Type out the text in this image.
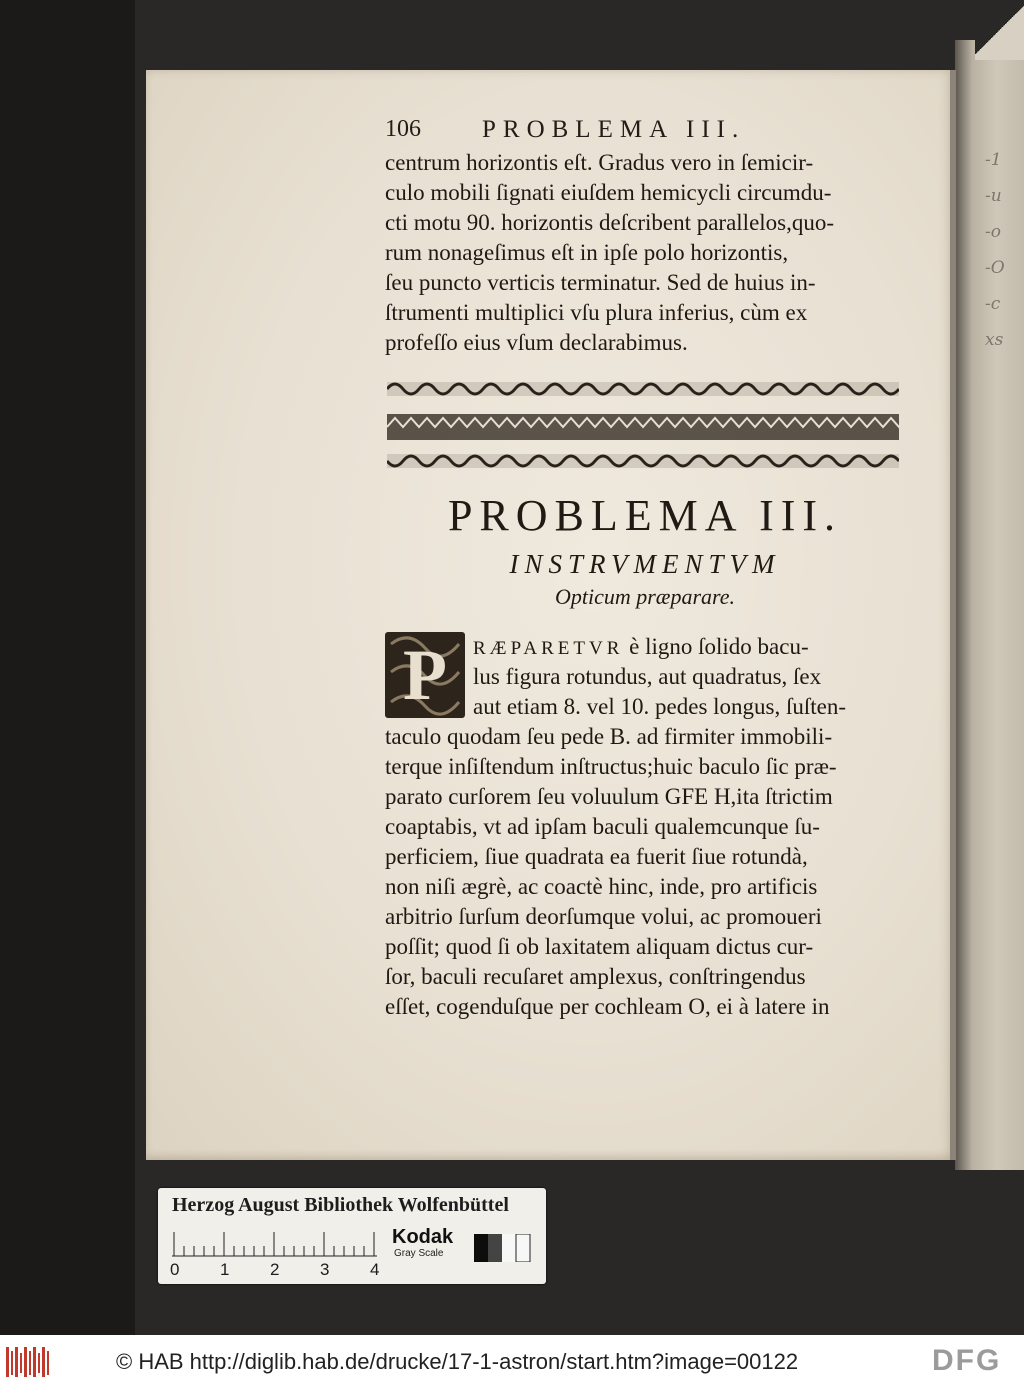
-1
-u
-o
-O
-c
xs
106 PROBLEMA III.
centrum horizontis eſt. Gradus vero in ſemicir-
culo mobili ſignati eiuſdem hemicycli circumdu-
cti motu 90. horizontis deſcribent parallelos,quo-
rum nonageſimus eſt in ipſe polo horizontis,
ſeu puncto verticis terminatur. Sed de huius in-
ſtrumenti multiplici vſu plura inferius, cùm ex
profeſſo eius vſum declarabimus.
PROBLEMA III.
INSTRVMENTVM
Opticum præparare.
P	RÆPARETVR è ligno ſolido bacu-
lus figura rotundus, aut quadratus, ſex
aut etiam 8. vel 10. pedes longus, ſuſten-
taculo quodam ſeu pede B. ad firmiter immobili-
terque inſiſtendum inſtructus;huic baculo ſic præ-
parato curſorem ſeu voluulum GFE H,ita ſtrictim
coaptabis, vt ad ipſam baculi qualemcunque ſu-
perficiem, ſiue quadrata ea fuerit ſiue rotundà,
non niſi ægrè, ac coactè hinc, inde, pro artificis
arbitrio ſurſum deorſumque volui, ac promoueri
poſſit; quod ſi ob laxitatem aliquam dictus cur-
ſor, baculi recuſaret amplexus, conſtringendus
eſſet, cogenduſque per cochleam O, ei à latere in
Herzog August Bibliothek Wolfenbüttel
Kodak
Gray Scale
0 1 2 3 4
© HAB http://diglib.hab.de/drucke/17-1-astron/start.htm?image=00122	DFG
